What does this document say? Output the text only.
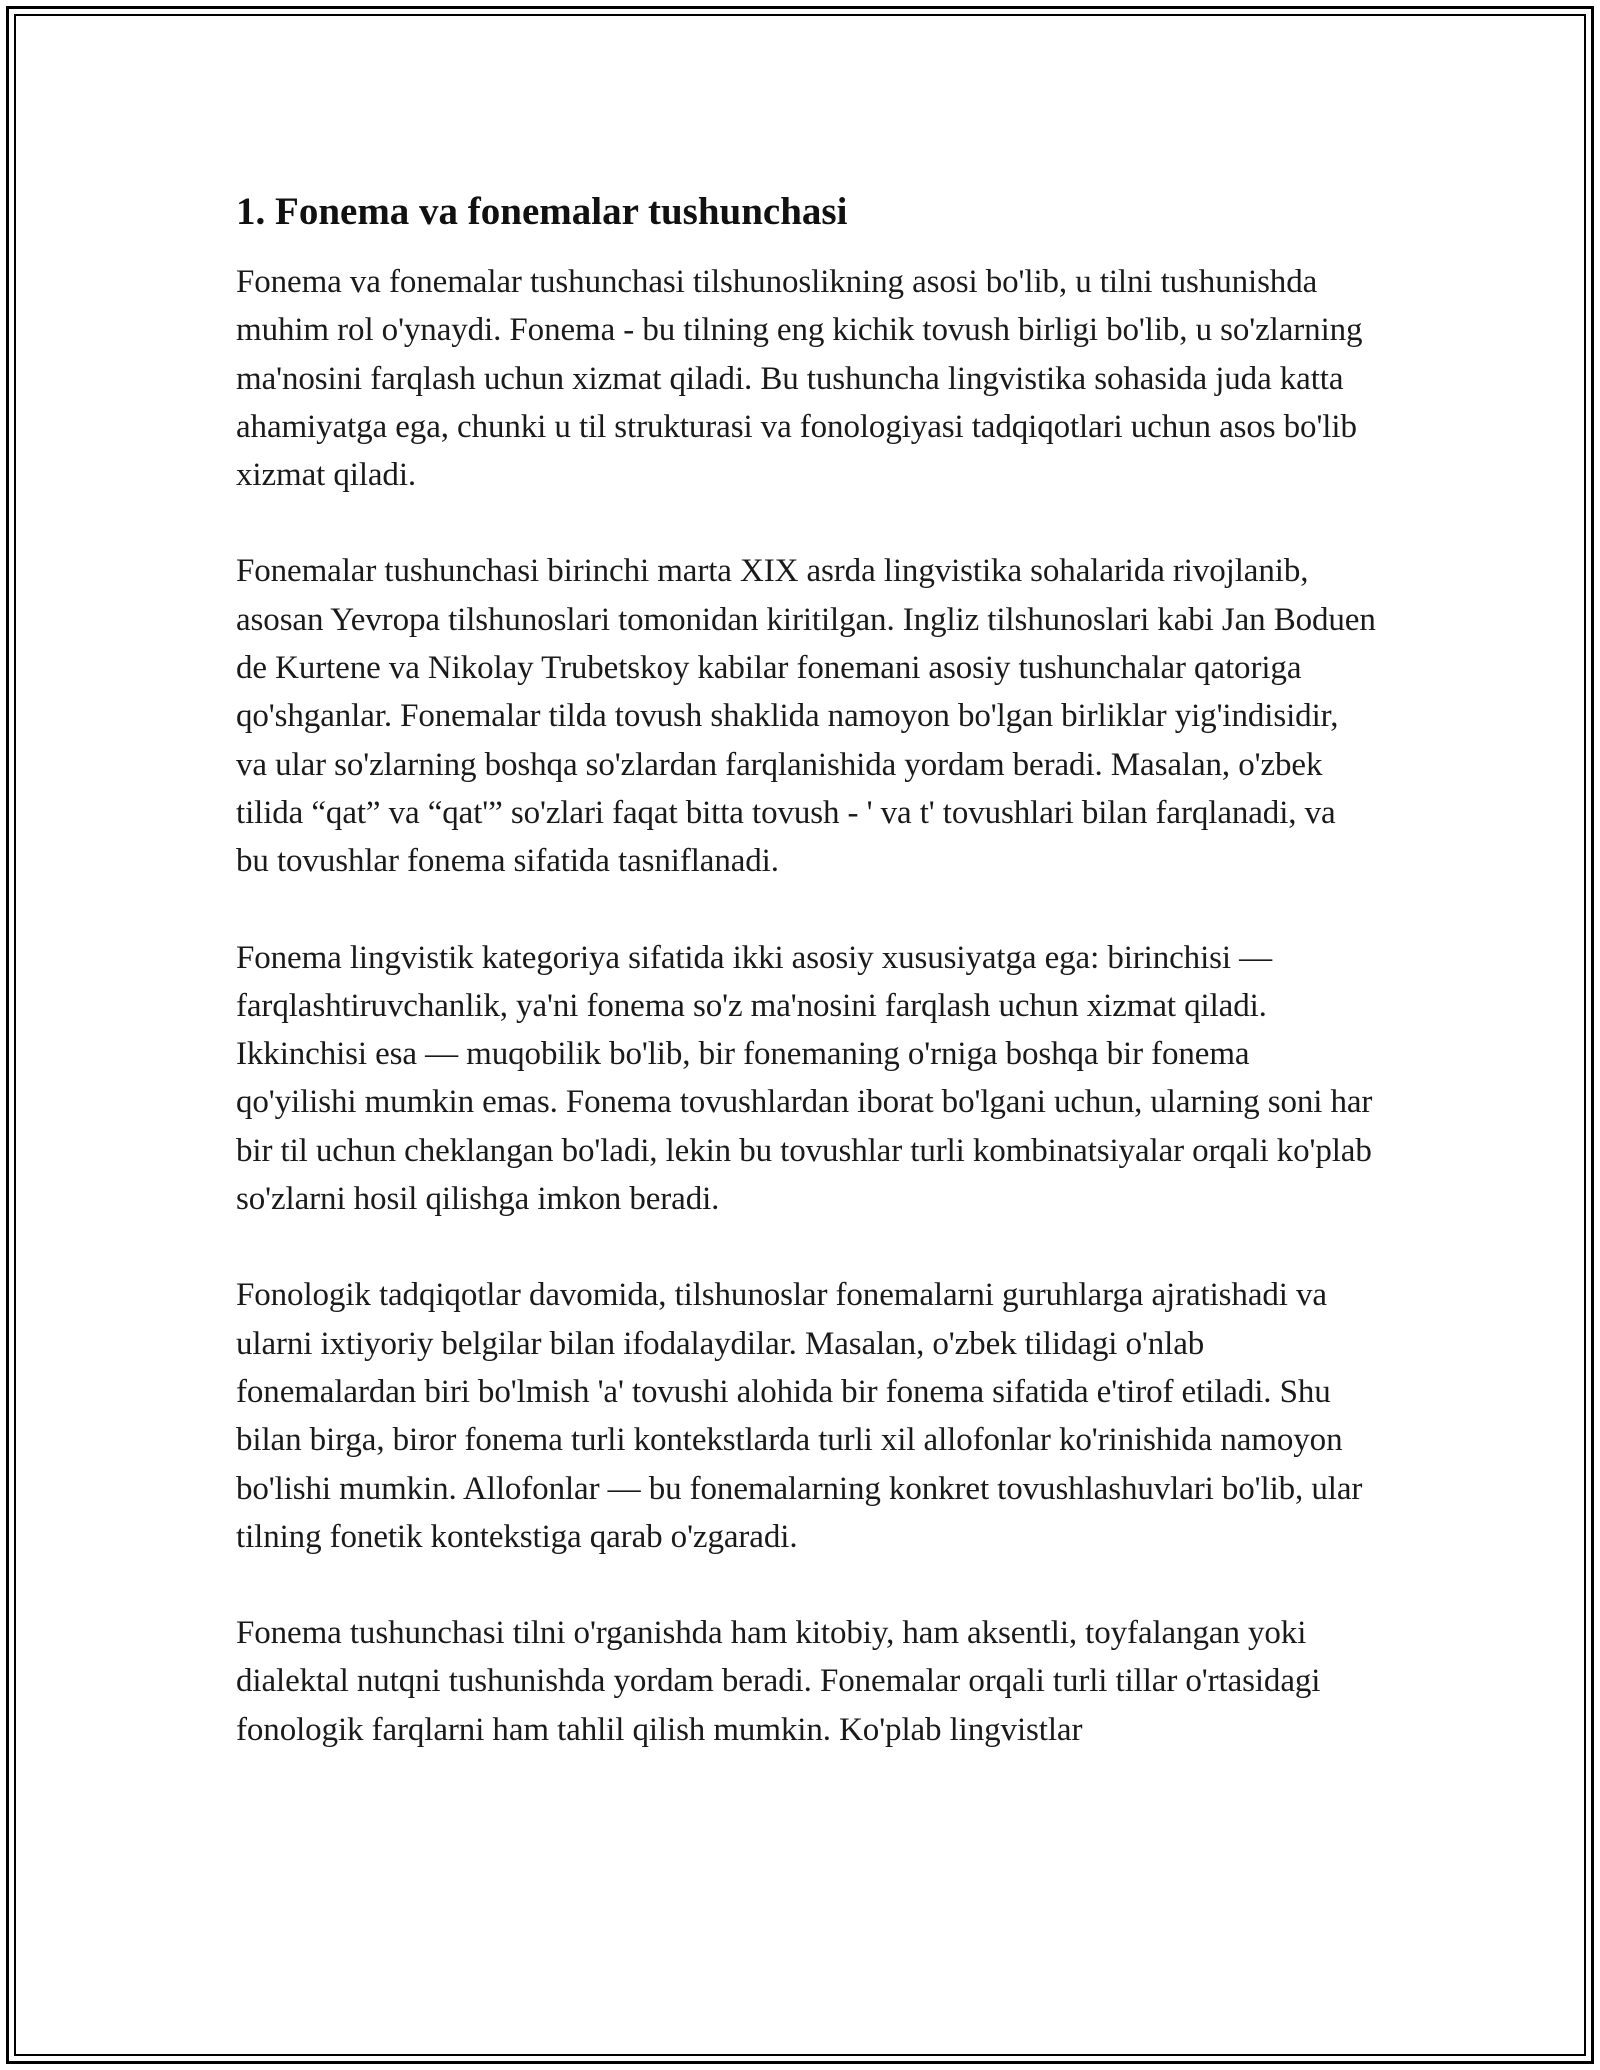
1. Fonema va fonemalar tushunchasi

Fonema va fonemalar tushunchasi tilshunoslikning asosi bo'lib, u tilni tushunishda muhim rol o'ynaydi. Fonema - bu tilning eng kichik tovush birligi bo'lib, u so'zlarning ma'nosini farqlash uchun xizmat qiladi. Bu tushuncha lingvistika sohasida juda katta ahamiyatga ega, chunki u til strukturasi va fonologiyasi tadqiqotlari uchun asos bo'lib xizmat qiladi.

Fonemalar tushunchasi birinchi marta XIX asrda lingvistika sohalarida rivojlanib, asosan Yevropa tilshunoslari tomonidan kiritilgan. Ingliz tilshunoslari kabi Jan Boduen de Kurtene va Nikolay Trubetskoy kabilar fonemani asosiy tushunchalar qatoriga qo'shganlar. Fonemalar tilda tovush shaklida namoyon bo'lgan birliklar yig'indisidir, va ular so'zlarning boshqa so'zlardan farqlanishida yordam beradi. Masalan, o'zbek tilida “qat” va “qat'” so'zlari faqat bitta tovush - ' va t' tovushlari bilan farqlanadi, va bu tovushlar fonema sifatida tasniflanadi.

Fonema lingvistik kategoriya sifatida ikki asosiy xususiyatga ega: birinchisi — farqlashtiruvchanlik, ya'ni fonema so'z ma'nosini farqlash uchun xizmat qiladi. Ikkinchisi esa — muqobilik bo'lib, bir fonemaning o'rniga boshqa bir fonema qo'yilishi mumkin emas. Fonema tovushlardan iborat bo'lgani uchun, ularning soni har bir til uchun cheklangan bo'ladi, lekin bu tovushlar turli kombinatsiyalar orqali ko'plab so'zlarni hosil qilishga imkon beradi.

Fonologik tadqiqotlar davomida, tilshunoslar fonemalarni guruhlarga ajratishadi va ularni ixtiyoriy belgilar bilan ifodalaydilar. Masalan, o'zbek tilidagi o'nlab fonemalardan biri bo'lmish 'a' tovushi alohida bir fonema sifatida e'tirof etiladi. Shu bilan birga, biror fonema turli kontekstlarda turli xil allofonlar ko'rinishida namoyon bo'lishi mumkin. Allofonlar — bu fonemalarning konkret tovushlashuvlari bo'lib, ular tilning fonetik kontekstiga qarab o'zgaradi.

Fonema tushunchasi tilni o'rganishda ham kitobiy, ham aksentli, toyfalangan yoki dialektal nutqni tushunishda yordam beradi. Fonemalar orqali turli tillar o'rtasidagi fonologik farqlarni ham tahlil qilish mumkin. Ko'plab lingvistlar
